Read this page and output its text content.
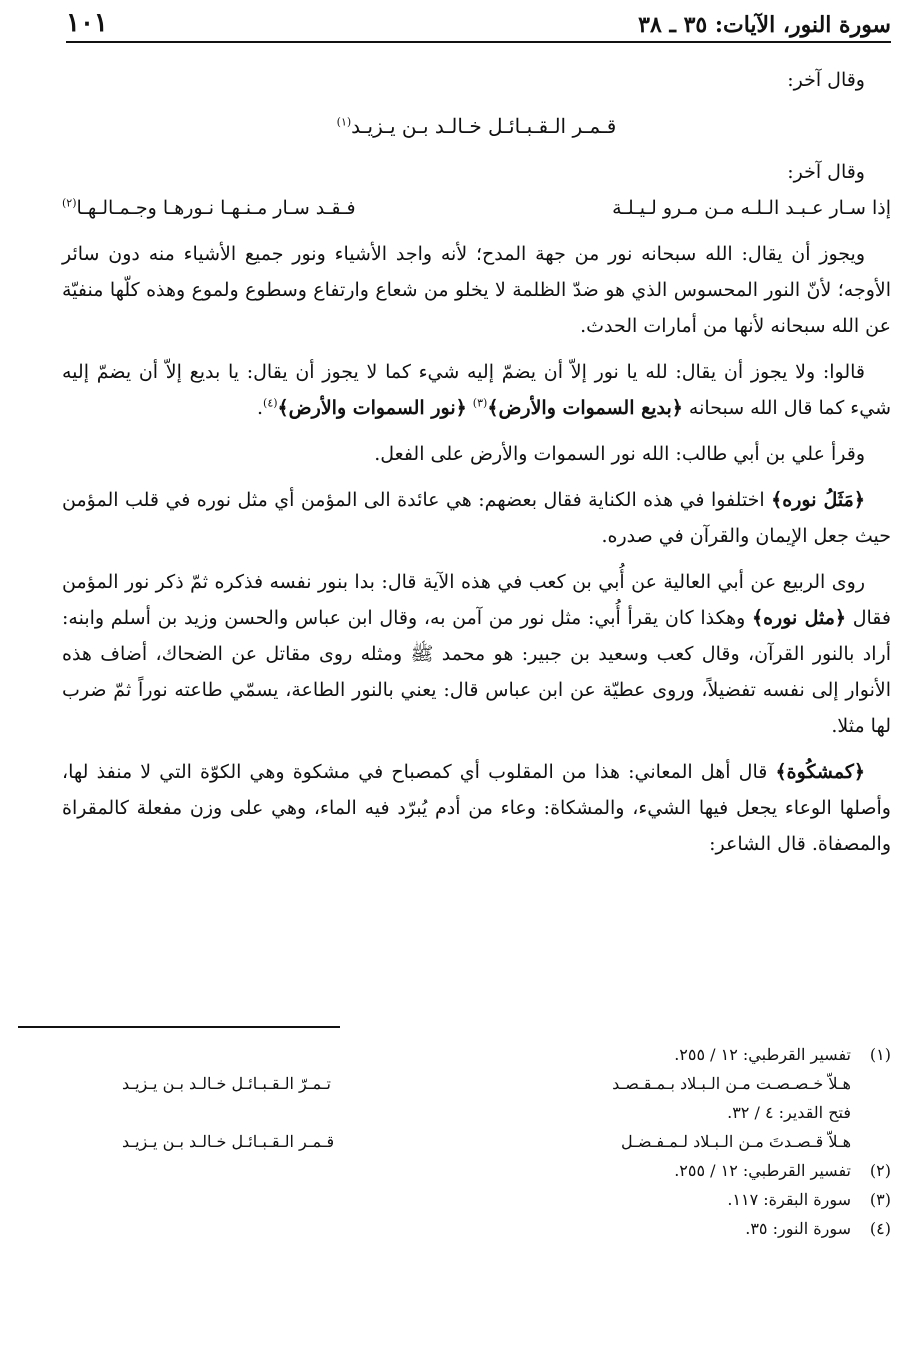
سورة النور، الآيات: ٣٥ ـ ٣٨
١٠١

وقال آخر:

قـمـر الـقـبـائـل خـالـد بـن يـزيـد$^{(١)}$

وقال آخر:

إذا سـار عـبـد الـلـه مـن مـرو لـيـلـة
فـقـد سـار مـنـهـا نـورهـا وجـمـالـهـا$^{(٢)}$

ويجوز أن يقال: الله سبحانه نور من جهة المدح؛ لأنه واجد الأشياء ونور جميع الأشياء منه دون سائر الأوجه؛ لأنّ النور المحسوس الذي هو ضدّ الظلمة لا يخلو من شعاع وارتفاع وسطوع ولموع وهذه كلّها منفيّة عن الله سبحانه لأنها من أمارات الحدث.

قالوا: ولا يجوز أن يقال: لله يا نور إلاّ أن يضمّ إليه شيء كما لا يجوز أن يقال: يا بديع إلاّ أن يضمّ إليه شيء كما قال الله سبحانه ﴿بديع السموات والأرض﴾$^{(٣)}$ ﴿نور السموات والأرض﴾$^{(٤)}$.

وقرأ علي بن أبي طالب: الله نور السموات والأرض على الفعل.

﴿مَثَلُ نوره﴾ اختلفوا في هذه الكناية فقال بعضهم: هي عائدة الى المؤمن أي مثل نوره في قلب المؤمن حيث جعل الإيمان والقرآن في صدره.

روى الربيع عن أبي العالية عن أُبي بن كعب في هذه الآية قال: بدا بنور نفسه فذكره ثمّ ذكر نور المؤمن فقال ﴿مثل نوره﴾ وهكذا كان يقرأ أُبي: مثل نور من آمن به، وقال ابن عباس والحسن وزيد بن أسلم وابنه: أراد بالنور القرآن، وقال كعب وسعيد بن جبير: هو محمد ﷺ ومثله روى مقاتل عن الضحاك، أضاف هذه الأنوار إلى نفسه تفضيلاً، وروى عطيّة عن ابن عباس قال: يعني بالنور الطاعة، يسمّي طاعته نوراً ثمّ ضرب لها مثلا.

﴿كمشكُوة﴾ قال أهل المعاني: هذا من المقلوب أي كمصباح في مشكوة وهي الكوّة التي لا منفذ لها، وأصلها الوعاء يجعل فيها الشيء، والمشكاة: وعاء من أدم يُبرّد فيه الماء، وهي على وزن مفعلة كالمقراة والمصفاة. قال الشاعر:

(١)
تفسير القرطبي: ١٢ / ٢٥٥.
هـلاّ خـصـصـت مـن الـبـلاد بـمـقـصـد
تـمـرّ الـقـبـائـل خـالـد بـن يـزيـد
فتح القدير: ٤ / ٣٢.
هـلاّ قـصـدتَ مـن الـبـلاد لـمـفـضـل
قـمـر الـقـبـائـل خـالـد بـن يـزيـد
(٢)
تفسير القرطبي: ١٢ / ٢٥٥.
(٣)
سورة البقرة: ١١٧.
(٤)
سورة النور: ٣٥.
